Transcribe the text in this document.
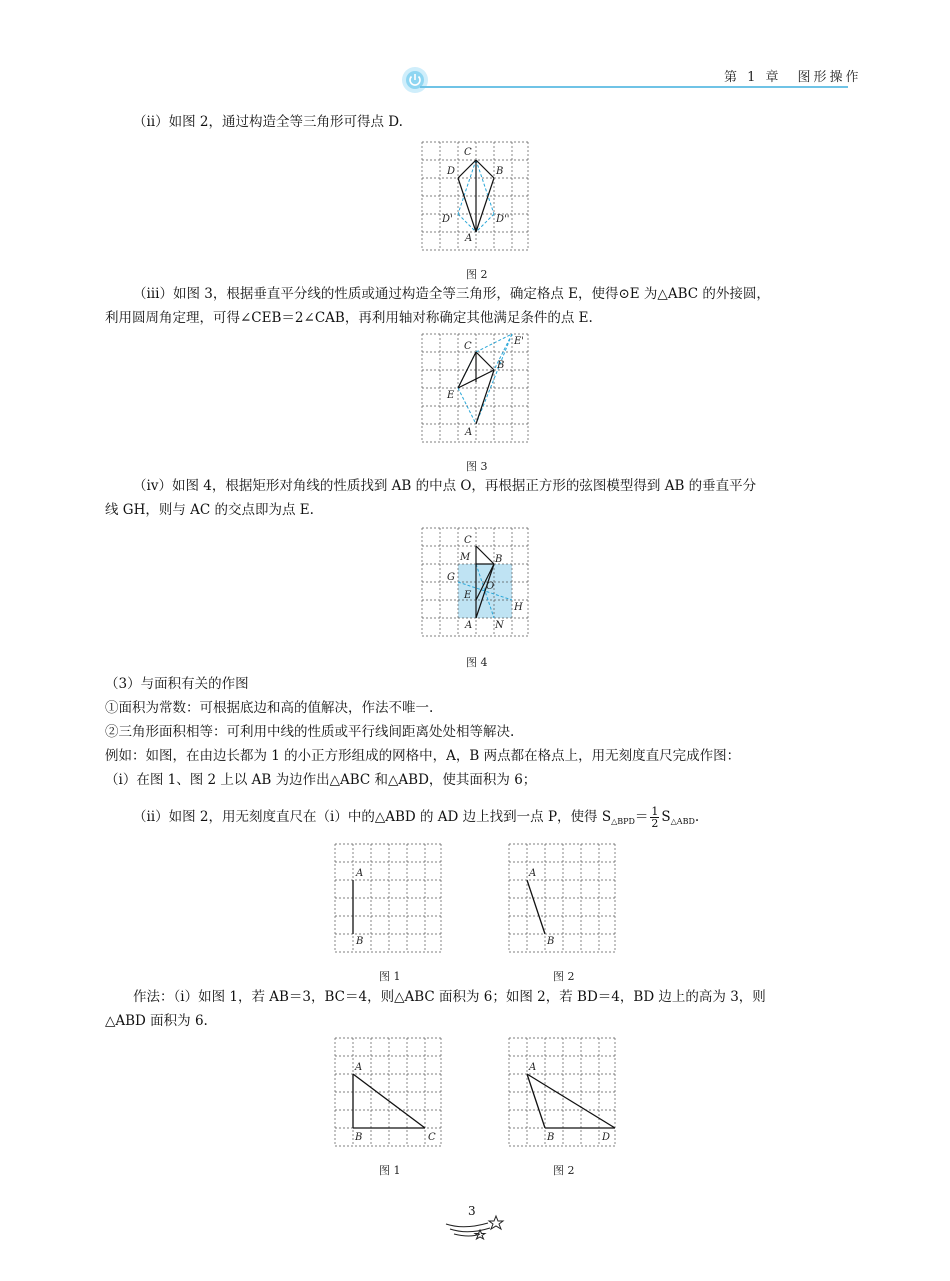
第 1 章　图形操作
（ⅱ）如图 2，通过构造全等三角形可得点 D.
C
D	B
D'	D''
A
图 2
（ⅲ）如图 3，根据垂直平分线的性质或通过构造全等三角形，确定格点 E，使得⊙E 为△ABC 的外接圆，
利用圆周角定理，可得∠CEB＝2∠CAB，再利用轴对称确定其他满足条件的点 E.
C	E'
B
E
A
图 3
（ⅳ）如图 4，根据矩形对角线的性质找到 AB 的中点 O，再根据正方形的弦图模型得到 AB 的垂直平分
线 GH，则与 AC 的交点即为点 E.
C
M B
G
O
E
H
A N
图 4
（3）与面积有关的作图
①面积为常数：可根据底边和高的值解决，作法不唯一.
②三角形面积相等：可利用中线的性质或平行线间距离处处相等解决.
例如：如图，在由边长都为 1 的小正方形组成的网格中，A，B 两点都在格点上，用无刻度直尺完成作图：
（ⅰ）在图 1、图 2 上以 AB 为边作出△ABC 和△ABD，使其面积为 6；
（ⅱ）如图 2，用无刻度直尺在（ⅰ）中的△ABD 的 AD 边上找到一点 P，使得 $S_{\triangle BPD}= \frac{1}{2} S_{\triangle ABD}$.
A
B
A
B
图 1	图 2
作法：（ⅰ）如图 1，若 AB＝3，BC＝4，则△ABC 面积为 6；如图 2，若 BD＝4，BD 边上的高为 3，则
△ABD 面积为 6.
A
B	C
A
B	D
图 1	图 2
3
